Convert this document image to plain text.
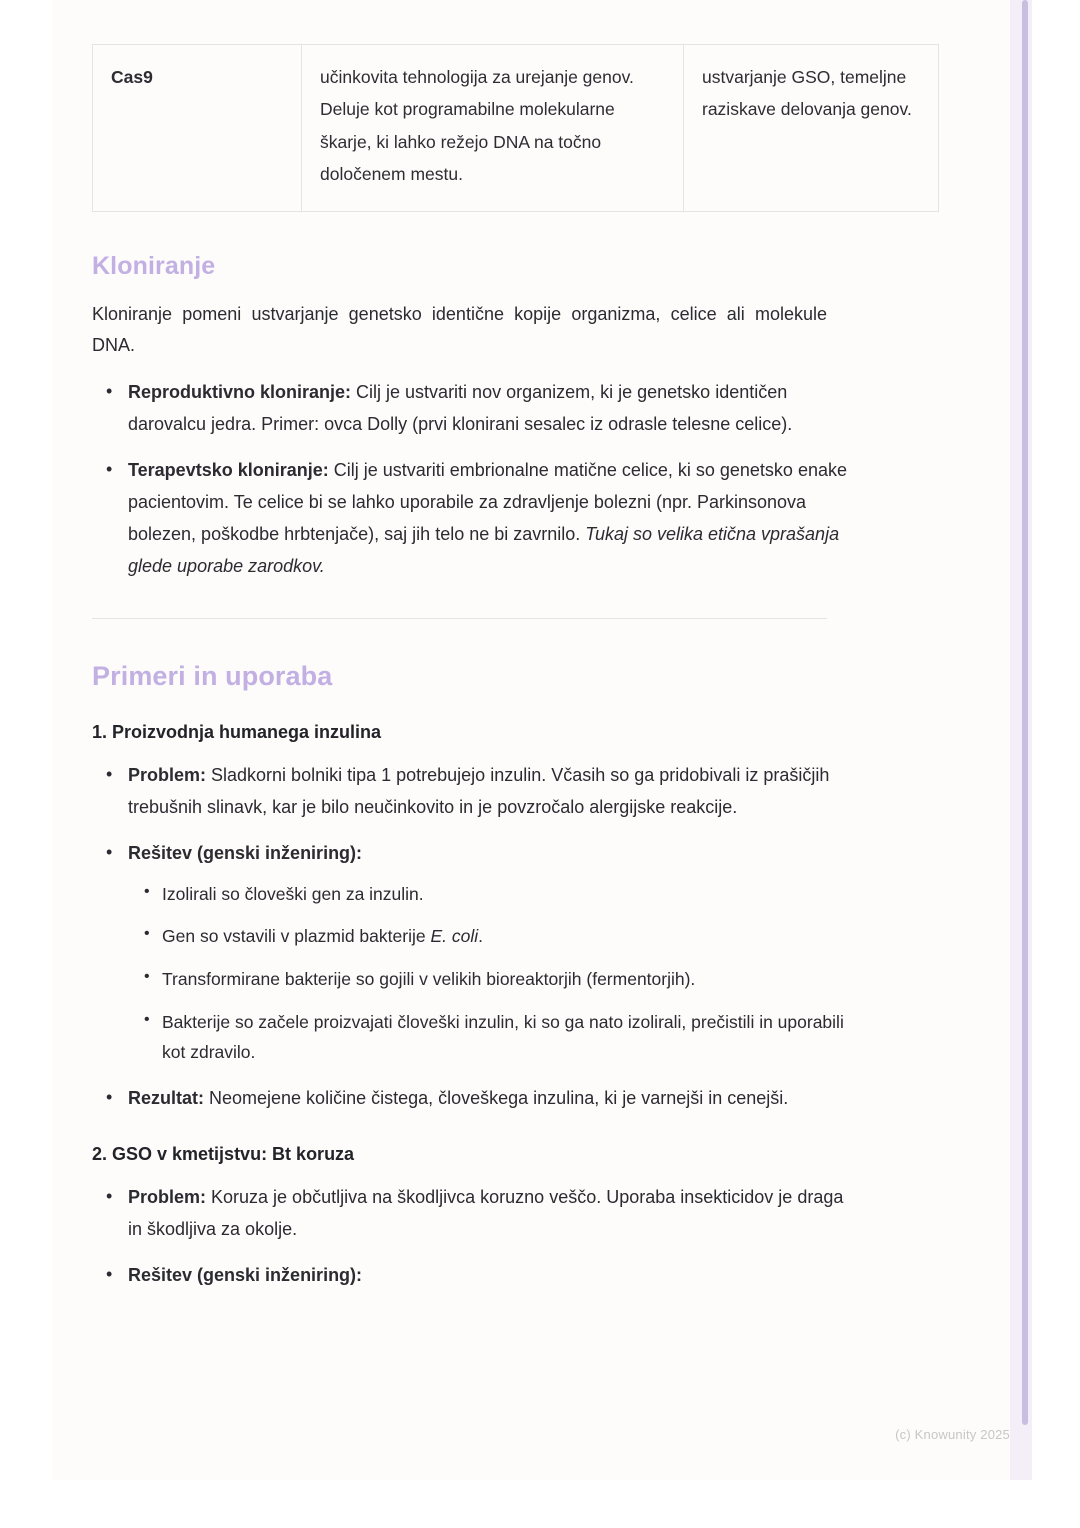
Cas9	učinkovita tehnologija za urejanje genov. Deluje kot programabilne molekularne škarje, ki lahko režejo DNA na točno določenem mestu.	ustvarjanje GSO, temeljne raziskave delovanja genov.
Kloniranje

Kloniranje pomeni ustvarjanje genetsko identične kopije organizma, celice ali molekule DNA.

• Reproduktivno kloniranje: Cilj je ustvariti nov organizem, ki je genetsko identičen darovalcu jedra. Primer: ovca Dolly (prvi klonirani sesalec iz odrasle telesne celice).
• Terapevtsko kloniranje: Cilj je ustvariti embrionalne matične celice, ki so genetsko enake pacientovim. Te celice bi se lahko uporabile za zdravljenje bolezni (npr. Parkinsonova bolezen, poškodbe hrbtenjače), saj jih telo ne bi zavrnilo. Tukaj so velika etična vprašanja glede uporabe zarodkov.
Primeri in uporaba
1. Proizvodnja humanega inzulina
• Problem: Sladkorni bolniki tipa 1 potrebujejo inzulin. Včasih so ga pridobivali iz prašičjih trebušnih slinavk, kar je bilo neučinkovito in je povzročalo alergijske reakcije.
• Rešitev (genski inženiring):
• Izolirali so človeški gen za inzulin.
• Gen so vstavili v plazmid bakterije E. coli.
• Transformirane bakterije so gojili v velikih bioreaktorjih (fermentorjih).
• Bakterije so začele proizvajati človeški inzulin, ki so ga nato izolirali, prečistili in uporabili kot zdravilo.
• Rezultat: Neomejene količine čistega, človeškega inzulina, ki je varnejši in cenejši.
2. GSO v kmetijstvu: Bt koruza
• Problem: Koruza je občutljiva na škodljivca koruzno veščo. Uporaba insekticidov je draga in škodljiva za okolje.
• Rešitev (genski inženiring):
(c) Knowunity 2025
